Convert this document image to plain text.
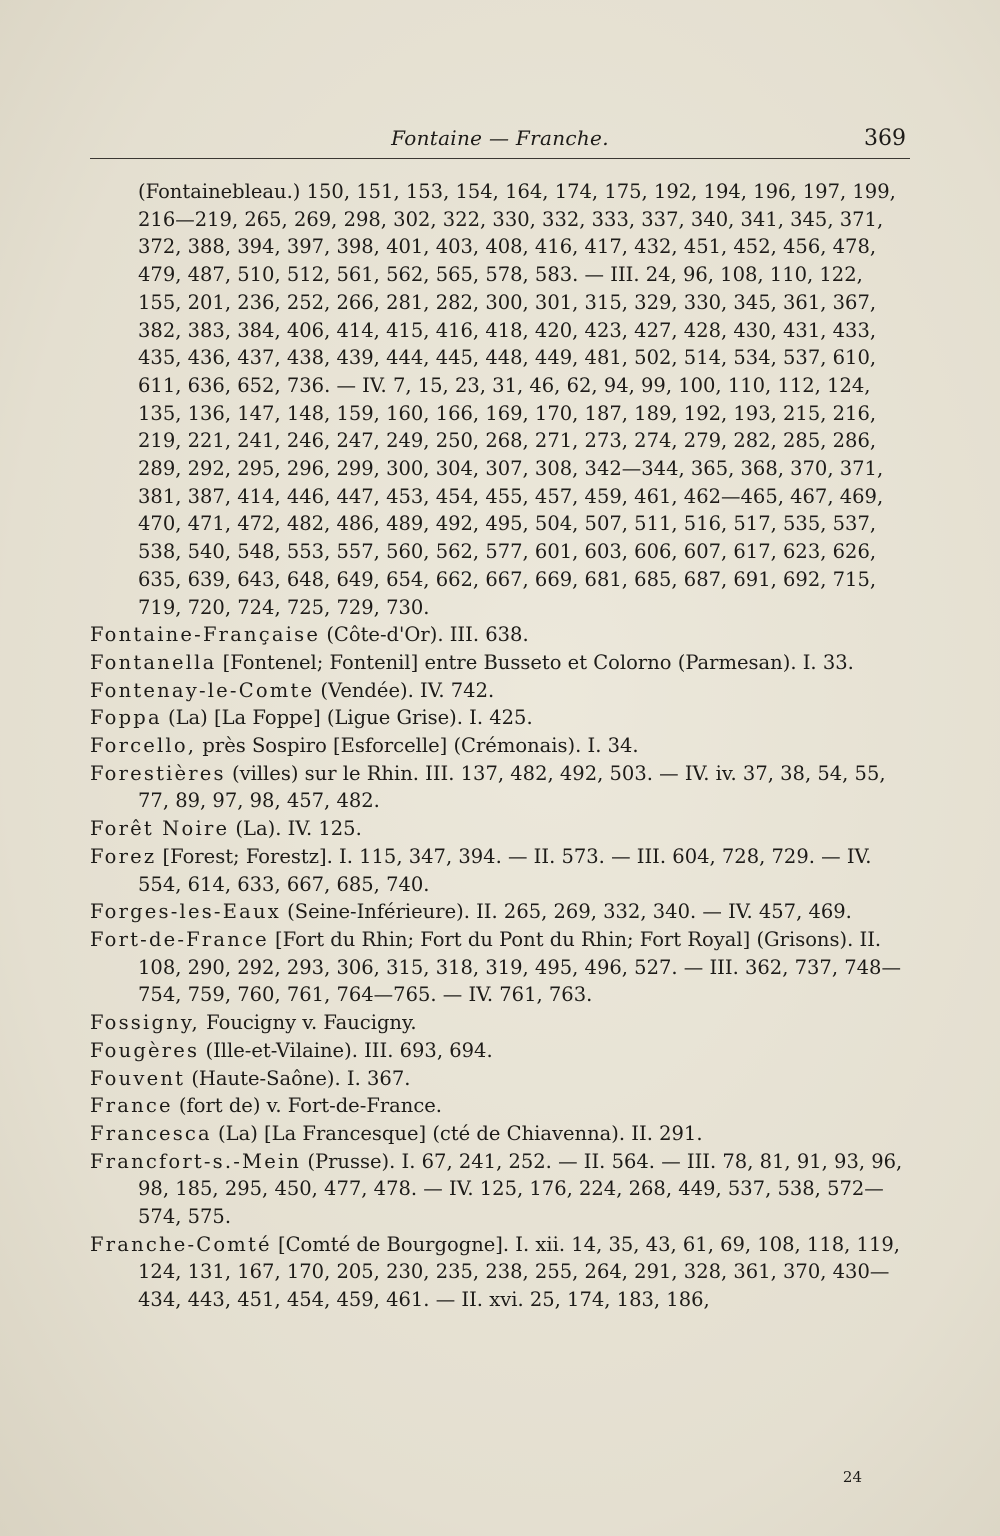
Fontaine — Franche.	369

(Fontainebleau.) 150, 151, 153, 154, 164, 174, 175, 192, 194, 196, 197, 199, 216—219, 265, 269, 298, 302, 322, 330, 332, 333, 337, 340, 341, 345, 371, 372, 388, 394, 397, 398, 401, 403, 408, 416, 417, 432, 451, 452, 456, 478, 479, 487, 510, 512, 561, 562, 565, 578, 583. — III. 24, 96, 108, 110, 122, 155, 201, 236, 252, 266, 281, 282, 300, 301, 315, 329, 330, 345, 361, 367, 382, 383, 384, 406, 414, 415, 416, 418, 420, 423, 427, 428, 430, 431, 433, 435, 436, 437, 438, 439, 444, 445, 448, 449, 481, 502, 514, 534, 537, 610, 611, 636, 652, 736. — IV. 7, 15, 23, 31, 46, 62, 94, 99, 100, 110, 112, 124, 135, 136, 147, 148, 159, 160, 166, 169, 170, 187, 189, 192, 193, 215, 216, 219, 221, 241, 246, 247, 249, 250, 268, 271, 273, 274, 279, 282, 285, 286, 289, 292, 295, 296, 299, 300, 304, 307, 308, 342—344, 365, 368, 370, 371, 381, 387, 414, 446, 447, 453, 454, 455, 457, 459, 461, 462—465, 467, 469, 470, 471, 472, 482, 486, 489, 492, 495, 504, 507, 511, 516, 517, 535, 537, 538, 540, 548, 553, 557, 560, 562, 577, 601, 603, 606, 607, 617, 623, 626, 635, 639, 643, 648, 649, 654, 662, 667, 669, 681, 685, 687, 691, 692, 715, 719, 720, 724, 725, 729, 730.

Fontaine-Française (Côte-d'Or). III. 638.

Fontanella [Fontenel; Fontenil] entre Busseto et Colorno (Parmesan). I. 33.

Fontenay-le-Comte (Vendée). IV. 742.

Foppa (La) [La Foppe] (Ligue Grise). I. 425.

Forcello, près Sospiro [Esforcelle] (Crémonais). I. 34.

Forestières (villes) sur le Rhin. III. 137, 482, 492, 503. — IV. iv. 37, 38, 54, 55, 77, 89, 97, 98, 457, 482.

Forêt Noire (La). IV. 125.

Forez [Forest; Forestz]. I. 115, 347, 394. — II. 573. — III. 604, 728, 729. — IV. 554, 614, 633, 667, 685, 740.

Forges-les-Eaux (Seine-Inférieure). II. 265, 269, 332, 340. — IV. 457, 469.

Fort-de-France [Fort du Rhin; Fort du Pont du Rhin; Fort Royal] (Grisons). II. 108, 290, 292, 293, 306, 315, 318, 319, 495, 496, 527. — III. 362, 737, 748—754, 759, 760, 761, 764—765. — IV. 761, 763.

Fossigny, Foucigny v. Faucigny.

Fougères (Ille-et-Vilaine). III. 693, 694.

Fouvent (Haute-Saône). I. 367.

France (fort de) v. Fort-de-France.

Francesca (La) [La Francesque] (cté de Chiavenna). II. 291.

Francfort-s.-Mein (Prusse). I. 67, 241, 252. — II. 564. — III. 78, 81, 91, 93, 96, 98, 185, 295, 450, 477, 478. — IV. 125, 176, 224, 268, 449, 537, 538, 572—574, 575.

Franche-Comté [Comté de Bourgogne]. I. xii. 14, 35, 43, 61, 69, 108, 118, 119, 124, 131, 167, 170, 205, 230, 235, 238, 255, 264, 291, 328, 361, 370, 430—434, 443, 451, 454, 459, 461. — II. xvi. 25, 174, 183, 186,

24
